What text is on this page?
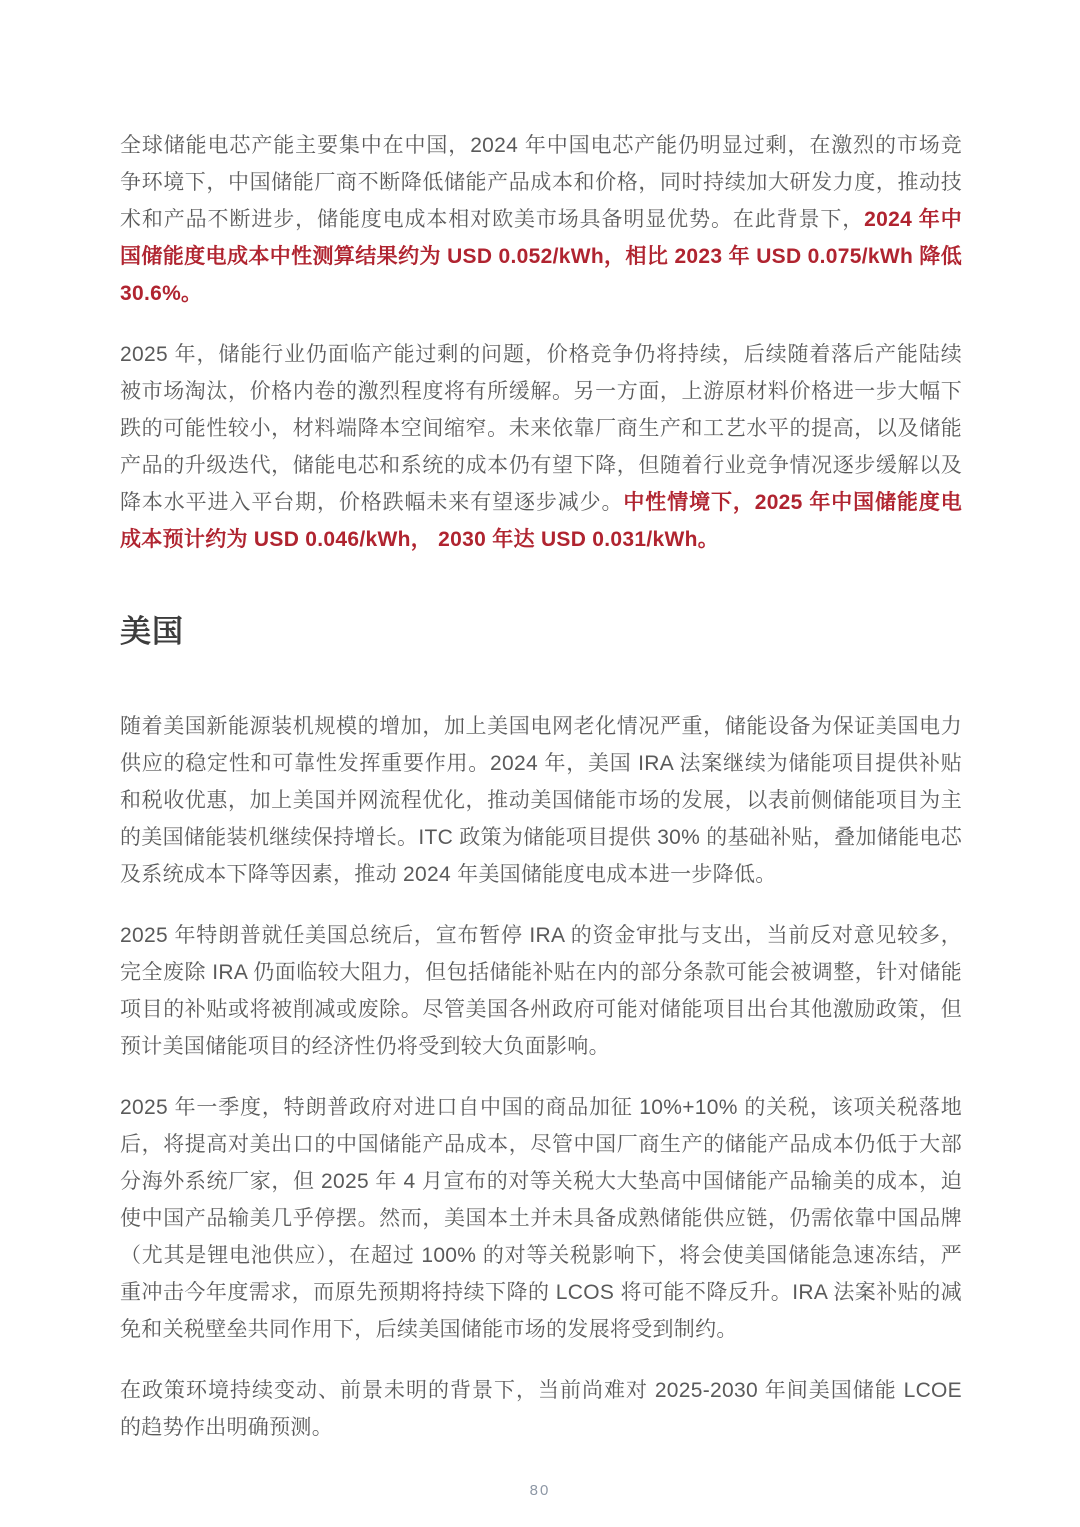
全球储能电芯产能主要集中在中国，2024 年中国电芯产能仍明显过剩，在激烈的市场竞争环境下，中国储能厂商不断降低储能产品成本和价格，同时持续加大研发力度，推动技术和产品不断进步，储能度电成本相对欧美市场具备明显优势。在此背景下，2024 年中国储能度电成本中性测算结果约为 USD 0.052/kWh，相比 2023 年 USD 0.075/kWh 降低 30.6%。

2025 年，储能行业仍面临产能过剩的问题，价格竞争仍将持续，后续随着落后产能陆续被市场淘汰，价格内卷的激烈程度将有所缓解。另一方面，上游原材料价格进一步大幅下跌的可能性较小，材料端降本空间缩窄。未来依靠厂商生产和工艺水平的提高，以及储能产品的升级迭代，储能电芯和系统的成本仍有望下降，但随着行业竞争情况逐步缓解以及降本水平进入平台期，价格跌幅未来有望逐步减少。中性情境下，2025 年中国储能度电成本预计约为 USD 0.046/kWh， 2030 年达 USD 0.031/kWh。

美国

随着美国新能源装机规模的增加，加上美国电网老化情况严重，储能设备为保证美国电力供应的稳定性和可靠性发挥重要作用。2024 年，美国 IRA 法案继续为储能项目提供补贴和税收优惠，加上美国并网流程优化，推动美国储能市场的发展，以表前侧储能项目为主的美国储能装机继续保持增长。ITC 政策为储能项目提供 30% 的基础补贴，叠加储能电芯及系统成本下降等因素，推动 2024 年美国储能度电成本进一步降低。

2025 年特朗普就任美国总统后，宣布暂停 IRA 的资金审批与支出，当前反对意见较多，完全废除 IRA 仍面临较大阻力，但包括储能补贴在内的部分条款可能会被调整，针对储能项目的补贴或将被削减或废除。尽管美国各州政府可能对储能项目出台其他激励政策，但预计美国储能项目的经济性仍将受到较大负面影响。

2025 年一季度，特朗普政府对进口自中国的商品加征 10%+10% 的关税，该项关税落地后，将提高对美出口的中国储能产品成本，尽管中国厂商生产的储能产品成本仍低于大部分海外系统厂家，但 2025 年 4 月宣布的对等关税大大垫高中国储能产品输美的成本，迫使中国产品输美几乎停摆。然而，美国本土并未具备成熟储能供应链，仍需依靠中国品牌（尤其是锂电池供应），在超过 100% 的对等关税影响下，将会使美国储能急速冻结，严重冲击今年度需求，而原先预期将持续下降的 LCOS 将可能不降反升。IRA 法案补贴的减免和关税壁垒共同作用下，后续美国储能市场的发展将受到制约。

在政策环境持续变动、前景未明的背景下，当前尚难对 2025-2030 年间美国储能 LCOE 的趋势作出明确预测。

80
